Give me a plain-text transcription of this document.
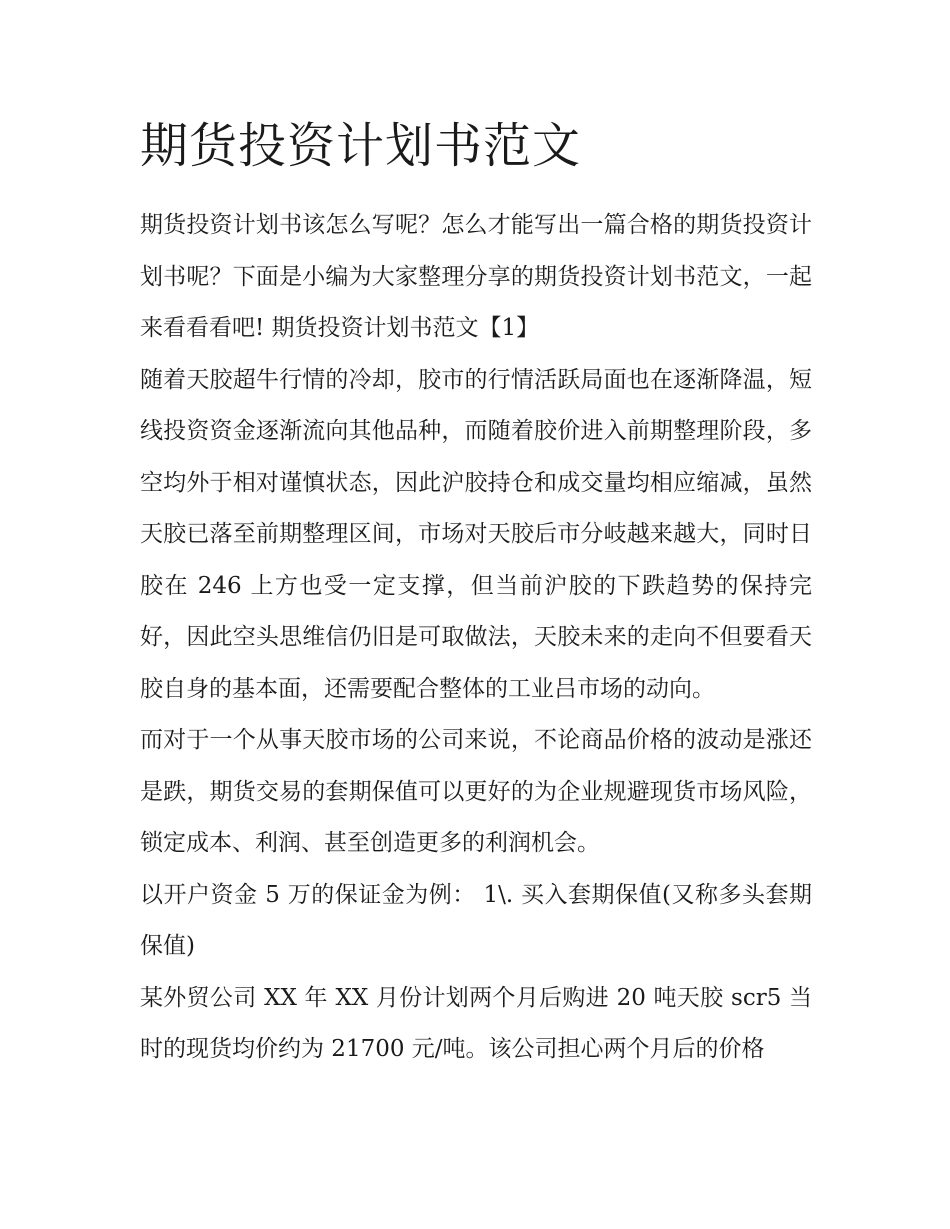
期货投资计划书范文

期货投资计划书该怎么写呢？怎么才能写出一篇合格的期货投资计划书呢？下面是小编为大家整理分享的期货投资计划书范文，一起来看看看吧! 期货投资计划书范文【1】

随着天胶超牛行情的冷却，胶市的行情活跃局面也在逐渐降温，短线投资资金逐渐流向其他品种，而随着胶价进入前期整理阶段，多空均外于相对谨慎状态，因此沪胶持仓和成交量均相应缩减，虽然天胶已落至前期整理区间，市场对天胶后市分岐越来越大，同时日胶在 246 上方也受一定支撑，但当前沪胶的下跌趋势的保持完好，因此空头思维信仍旧是可取做法，天胶未来的走向不但要看天胶自身的基本面，还需要配合整体的工业吕市场的动向。

而对于一个从事天胶市场的公司来说，不论商品价格的波动是涨还是跌，期货交易的套期保值可以更好的为企业规避现货市场风险，锁定成本、利润、甚至创造更多的利润机会。

以开户资金 5 万的保证金为例： 1\. 买入套期保值(又称多头套期保值)

某外贸公司 XX 年 XX 月份计划两个月后购进 20 吨天胶 scr5 当时的现货均价约为 21700 元/吨。该公司担心两个月后的价格
